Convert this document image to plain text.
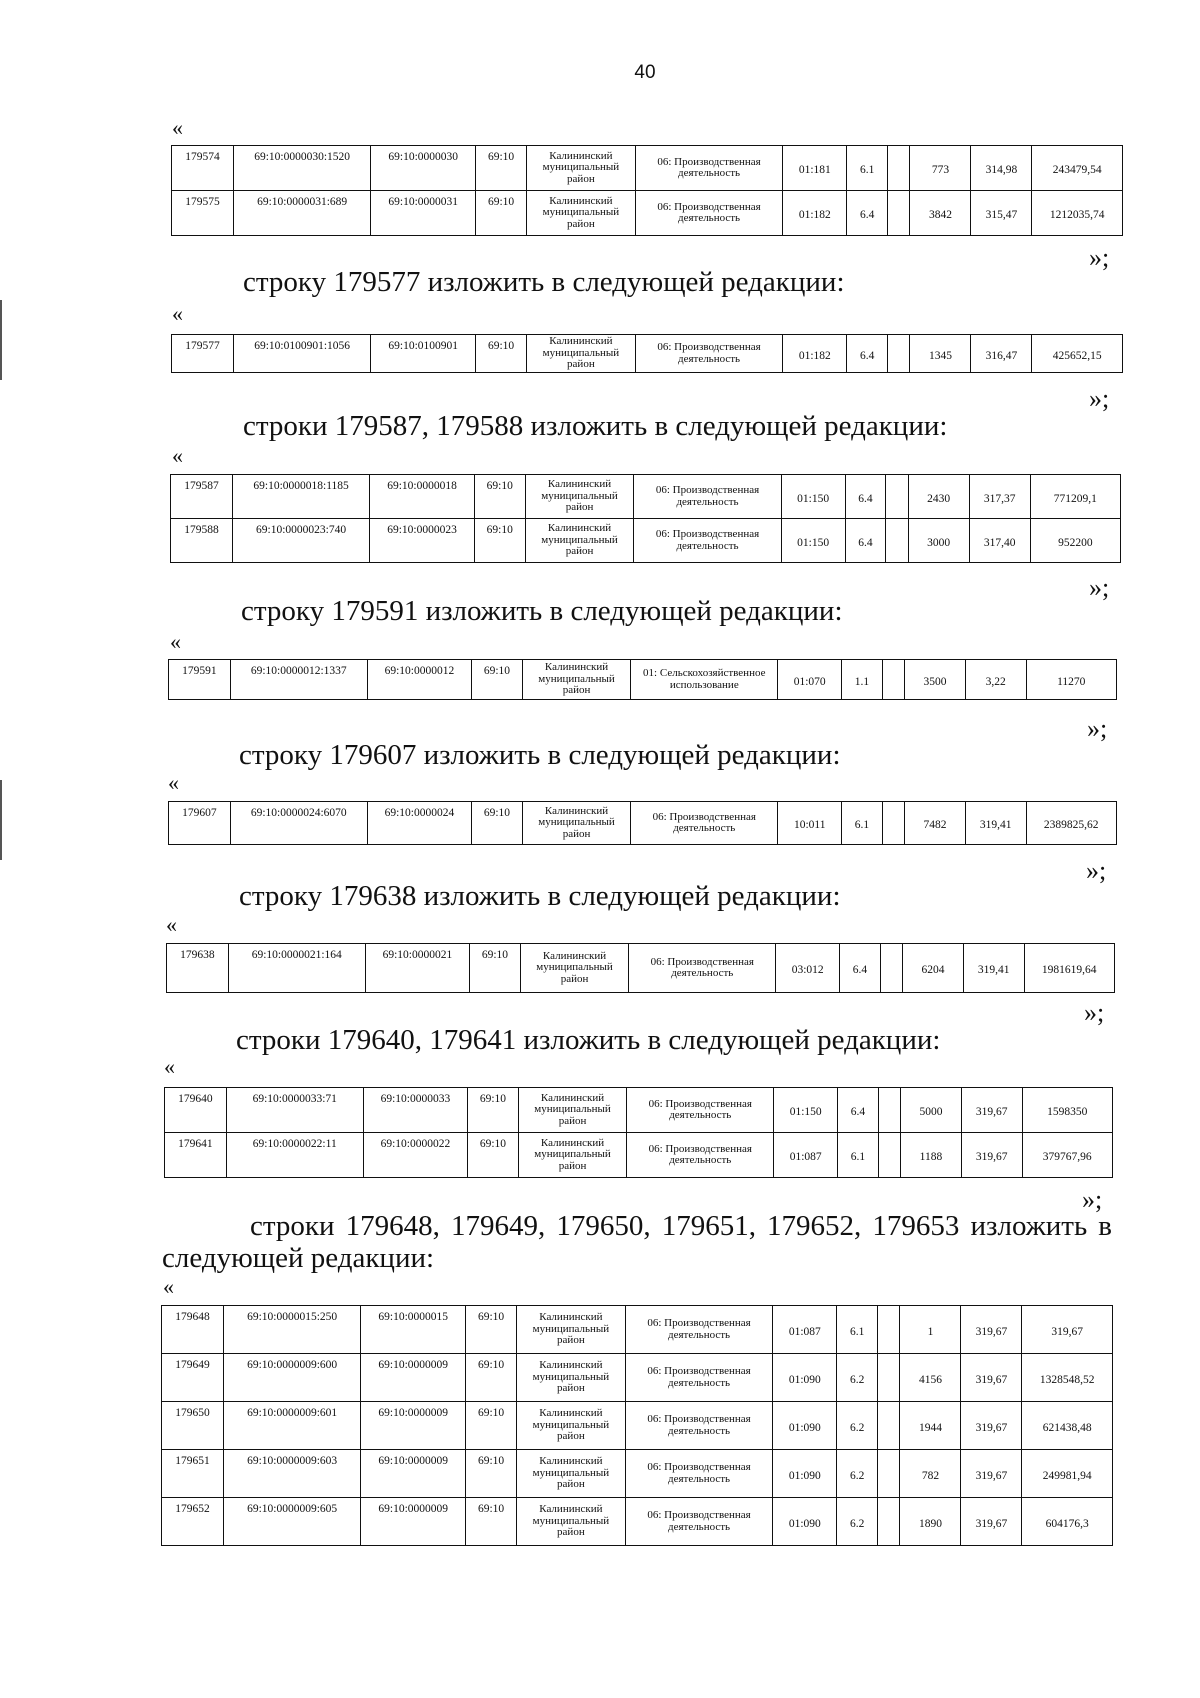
40
«
179574	69:10:0000030:1520	69:10:0000030	69:10	Калининский муниципальный район	06: Производственная деятельность	01:181	6.1		773	314,98	243479,54
179575	69:10:0000031:689	69:10:0000031	69:10	Калининский муниципальный район	06: Производственная деятельность	01:182	6.4		3842	315,47	1212035,74
»;
строку 179577 изложить в следующей редакции:
«
179577	69:10:0100901:1056	69:10:0100901	69:10	Калининский муниципальный район	06: Производственная деятельность	01:182	6.4		1345	316,47	425652,15
»;
строки 179587, 179588 изложить в следующей редакции:
«
179587	69:10:0000018:1185	69:10:0000018	69:10	Калининский муниципальный район	06: Производственная деятельность	01:150	6.4		2430	317,37	771209,1
179588	69:10:0000023:740	69:10:0000023	69:10	Калининский муниципальный район	06: Производственная деятельность	01:150	6.4		3000	317,40	952200
»;
строку 179591 изложить в следующей редакции:
«
179591	69:10:0000012:1337	69:10:0000012	69:10	Калининский муниципальный район	01: Сельскохозяйственное использование	01:070	1.1		3500	3,22	11270
»;
строку 179607 изложить в следующей редакции:
«
179607	69:10:0000024:6070	69:10:0000024	69:10	Калининский муниципальный район	06: Производственная деятельность	10:011	6.1		7482	319,41	2389825,62
»;
строку 179638 изложить в следующей редакции:
«
179638	69:10:0000021:164	69:10:0000021	69:10	Калининский муниципальный район	06: Производственная деятельность	03:012	6.4		6204	319,41	1981619,64
»;
строки 179640, 179641 изложить в следующей редакции:
«
179640	69:10:0000033:71	69:10:0000033	69:10	Калининский муниципальный район	06: Производственная деятельность	01:150	6.4		5000	319,67	1598350
179641	69:10:0000022:11	69:10:0000022	69:10	Калининский муниципальный район	06: Производственная деятельность	01:087	6.1		1188	319,67	379767,96
»;
строки 179648, 179649, 179650, 179651, 179652, 179653 изложить в
следующей редакции:
«
179648	69:10:0000015:250	69:10:0000015	69:10	Калининский муниципальный район	06: Производственная деятельность	01:087	6.1		1	319,67	319,67
179649	69:10:0000009:600	69:10:0000009	69:10	Калининский муниципальный район	06: Производственная деятельность	01:090	6.2		4156	319,67	1328548,52
179650	69:10:0000009:601	69:10:0000009	69:10	Калининский муниципальный район	06: Производственная деятельность	01:090	6.2		1944	319,67	621438,48
179651	69:10:0000009:603	69:10:0000009	69:10	Калининский муниципальный район	06: Производственная деятельность	01:090	6.2		782	319,67	249981,94
179652	69:10:0000009:605	69:10:0000009	69:10	Калининский муниципальный район	06: Производственная деятельность	01:090	6.2		1890	319,67	604176,3
